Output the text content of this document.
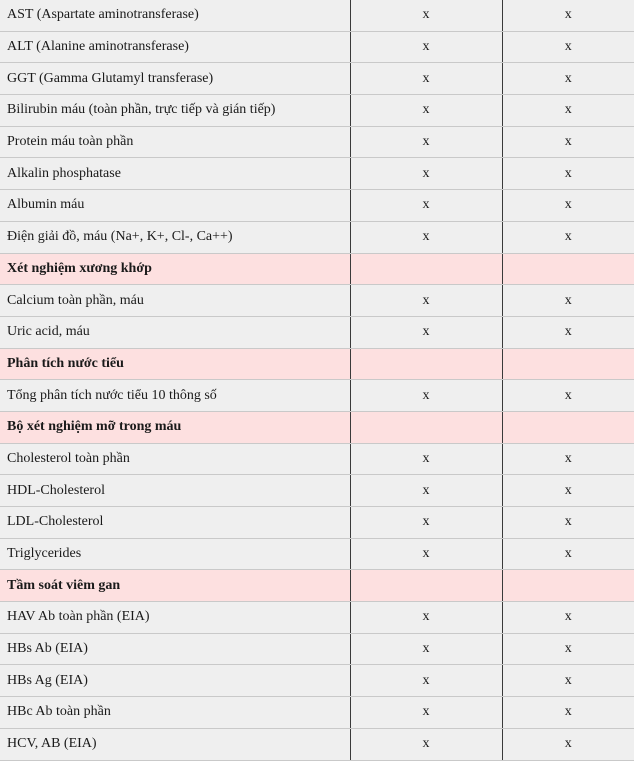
AST (Aspartate aminotransferase)	x	x
ALT (Alanine aminotransferase)	x	x
GGT (Gamma Glutamyl transferase)	x	x
Bilirubin máu (toàn phần, trực tiếp và gián tiếp)	x	x
Protein máu toàn phần	x	x
Alkalin phosphatase	x	x
Albumin máu	x	x
Điện giải đồ, máu (Na+, K+, Cl-, Ca++)	x	x
Xét nghiệm xương khớp		
Calcium toàn phần, máu	x	x
Uric acid, máu	x	x
Phân tích nước tiểu		
Tổng phân tích nước tiểu 10 thông số	x	x
Bộ xét nghiệm mỡ trong máu		
Cholesterol toàn phần	x	x
HDL-Cholesterol	x	x
LDL-Cholesterol	x	x
Triglycerides	x	x
Tầm soát viêm gan		
HAV Ab toàn phần (EIA)	x	x
HBs Ab (EIA)	x	x
HBs Ag (EIA)	x	x
HBc Ab toàn phần	x	x
HCV, AB (EIA)	x	x
